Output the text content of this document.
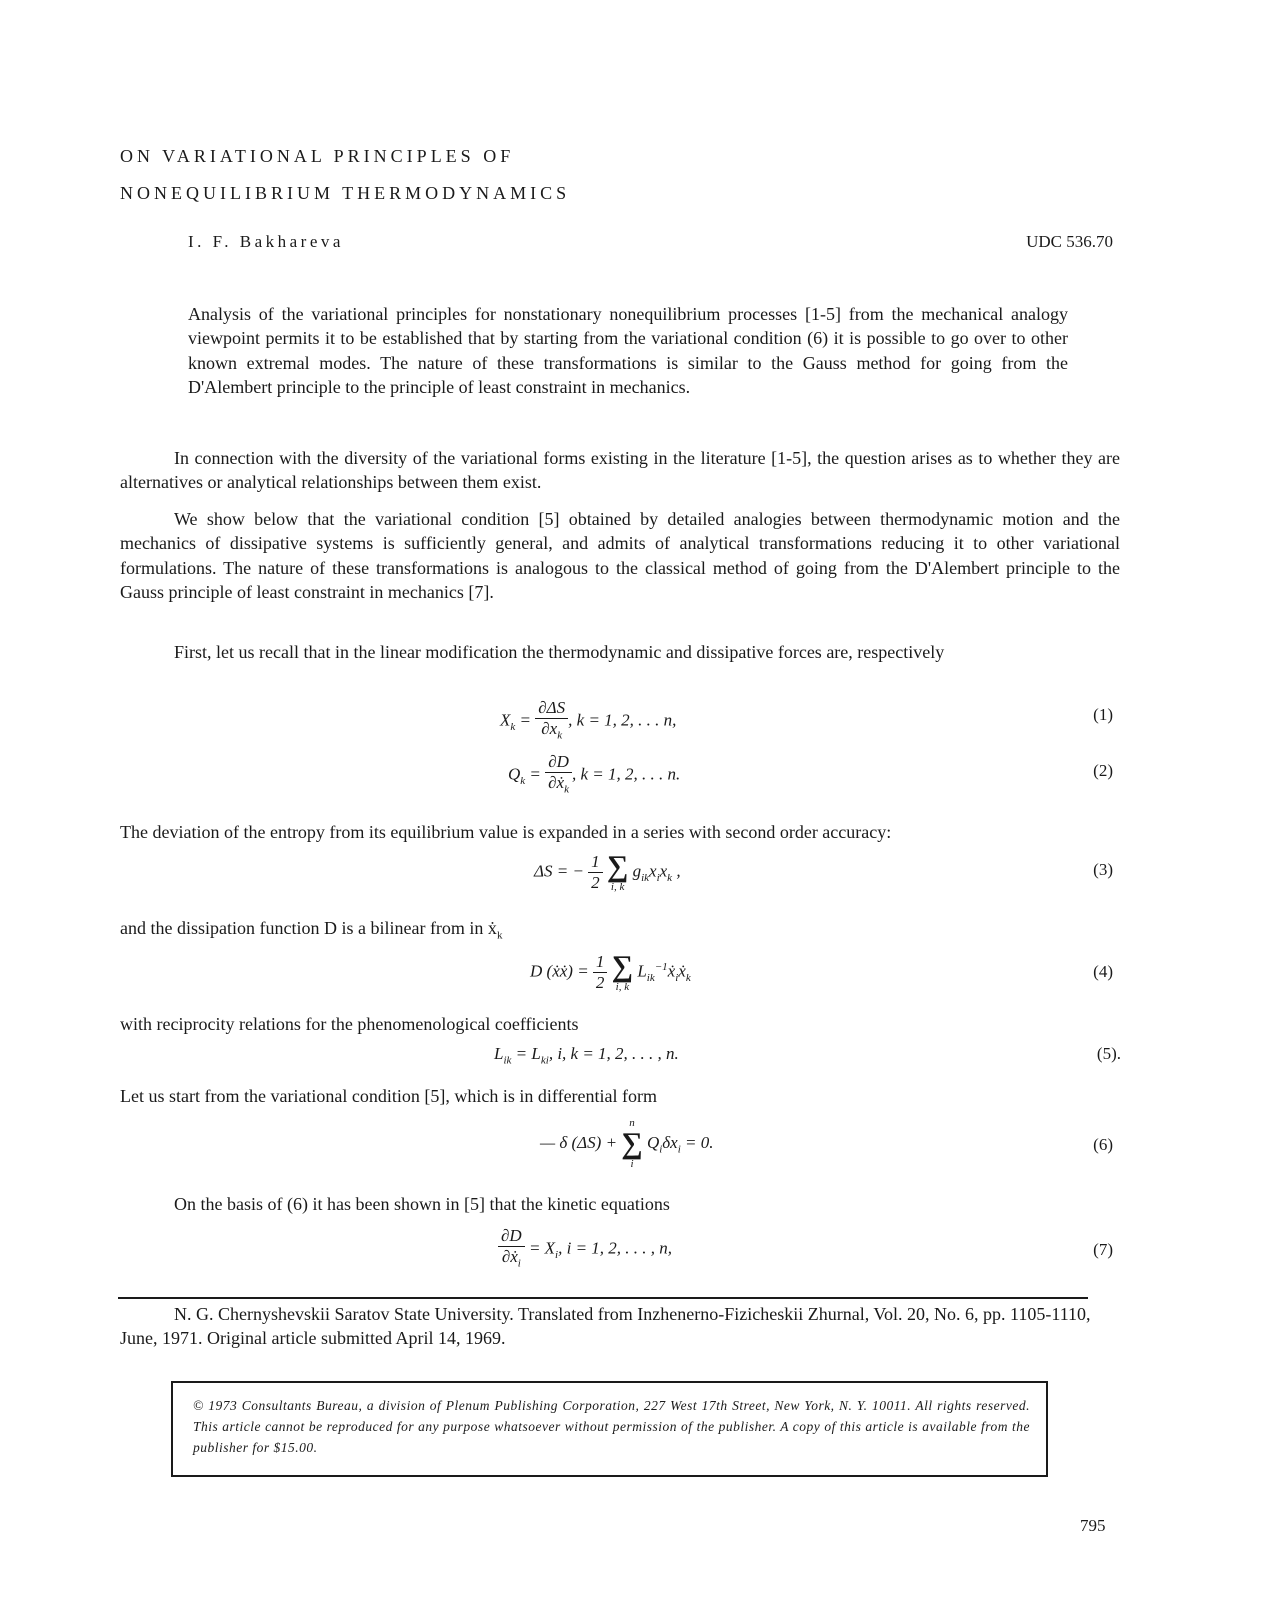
ON VARIATIONAL PRINCIPLES OF
NONEQUILIBRIUM THERMODYNAMICS
I. F. Bakhareva	UDC 536.70
Analysis of the variational principles for nonstationary nonequilibrium processes [1-5] from the mechanical analogy viewpoint permits it to be established that by starting from the variational condition (6) it is possible to go over to other known extremal modes. The nature of these transformations is similar to the Gauss method for going from the D'Alembert principle to the principle of least constraint in mechanics.
In connection with the diversity of the variational forms existing in the literature [1-5], the question arises as to whether they are alternatives or analytical relationships between them exist.
We show below that the variational condition [5] obtained by detailed analogies between thermodynamic motion and the mechanics of dissipative systems is sufficiently general, and admits of analytical transformations reducing it to other variational formulations. The nature of these transformations is analogous to the classical method of going from the D'Alembert principle to the Gauss principle of least constraint in mechanics [7].
First, let us recall that in the linear modification the thermodynamic and dissipative forces are, respectively
$X_k = \frac{\partial\Delta S}{\partial x_k}$ , k = 1, 2, . . . n,	(1)
$Q_k = \frac{\partial D}{\partial ẋ_k}$ , k = 1, 2, . . . n.	(2)
The deviation of the entropy from its equilibrium value is expanded in a series with second order accuracy:
ΔS = − $\frac{1}{2}$
∑
i, k
$g_{ik}x_ix_k$ ,	(3)
and the dissipation function D is a bilinear from in ẋ$_k$
D (ẋẋ) = $\frac{1}{2}$
∑
i, k
$L_{ik}^{-1}ẋ_iẋ_k$	(4)
with reciprocity relations for the phenomenological coefficients
$L_{ik} = L_{ki}$, i, k = 1, 2, . . . , n.	(5).
Let us start from the variational condition [5], which is in differential form
— δ (ΔS) +
n
∑
i
$Q_i\delta x_i = 0$.	(6)
On the basis of (6) it has been shown in [5] that the kinetic equations
$\frac{\partial D}{\partial ẋ_i} = X_i$, i = 1, 2, . . . , n,	(7)
N. G. Chernyshevskii Saratov State University. Translated from Inzhenerno-Fizicheskii Zhurnal, Vol. 20, No. 6, pp. 1105-1110, June, 1971. Original article submitted April 14, 1969.
© 1973 Consultants Bureau, a division of Plenum Publishing Corporation, 227 West 17th Street, New York, N. Y. 10011. All rights reserved. This article cannot be reproduced for any purpose whatsoever without permission of the publisher. A copy of this article is available from the publisher for $15.00.
795
